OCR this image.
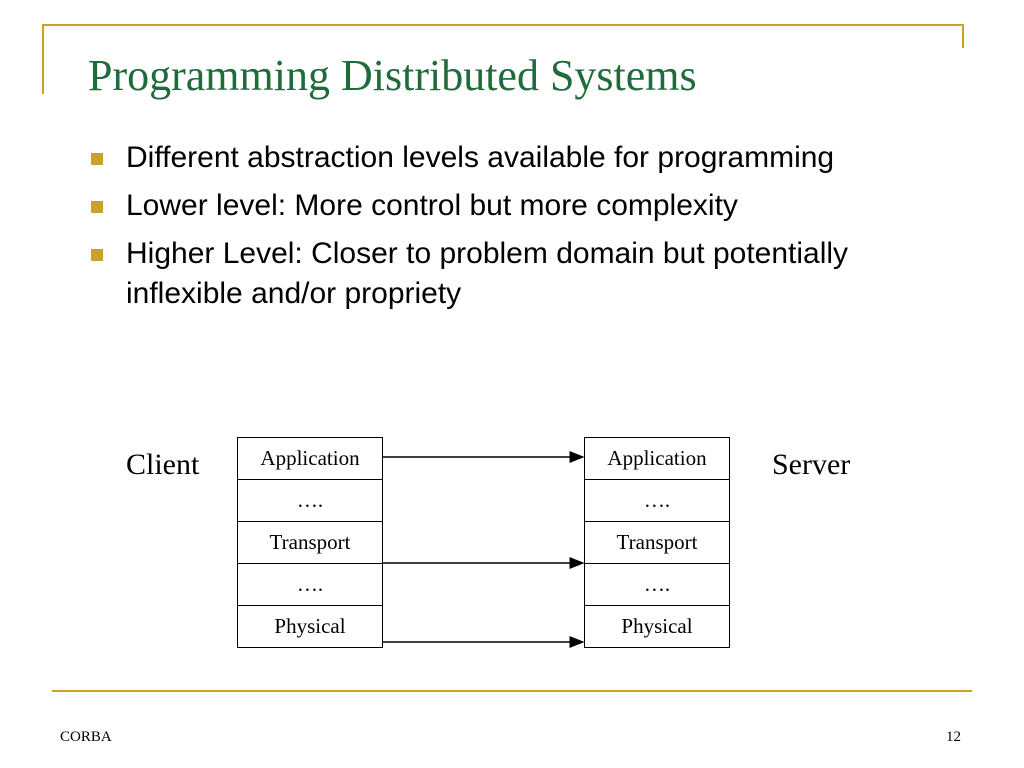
Programming Distributed Systems
Different abstraction levels available for programming
Lower level: More control but more complexity
Higher Level: Closer to problem domain but potentially inflexible and/or propriety
Client	Server
Application
….
Transport
….
Physical
Application
….
Transport
….
Physical
CORBA	12
